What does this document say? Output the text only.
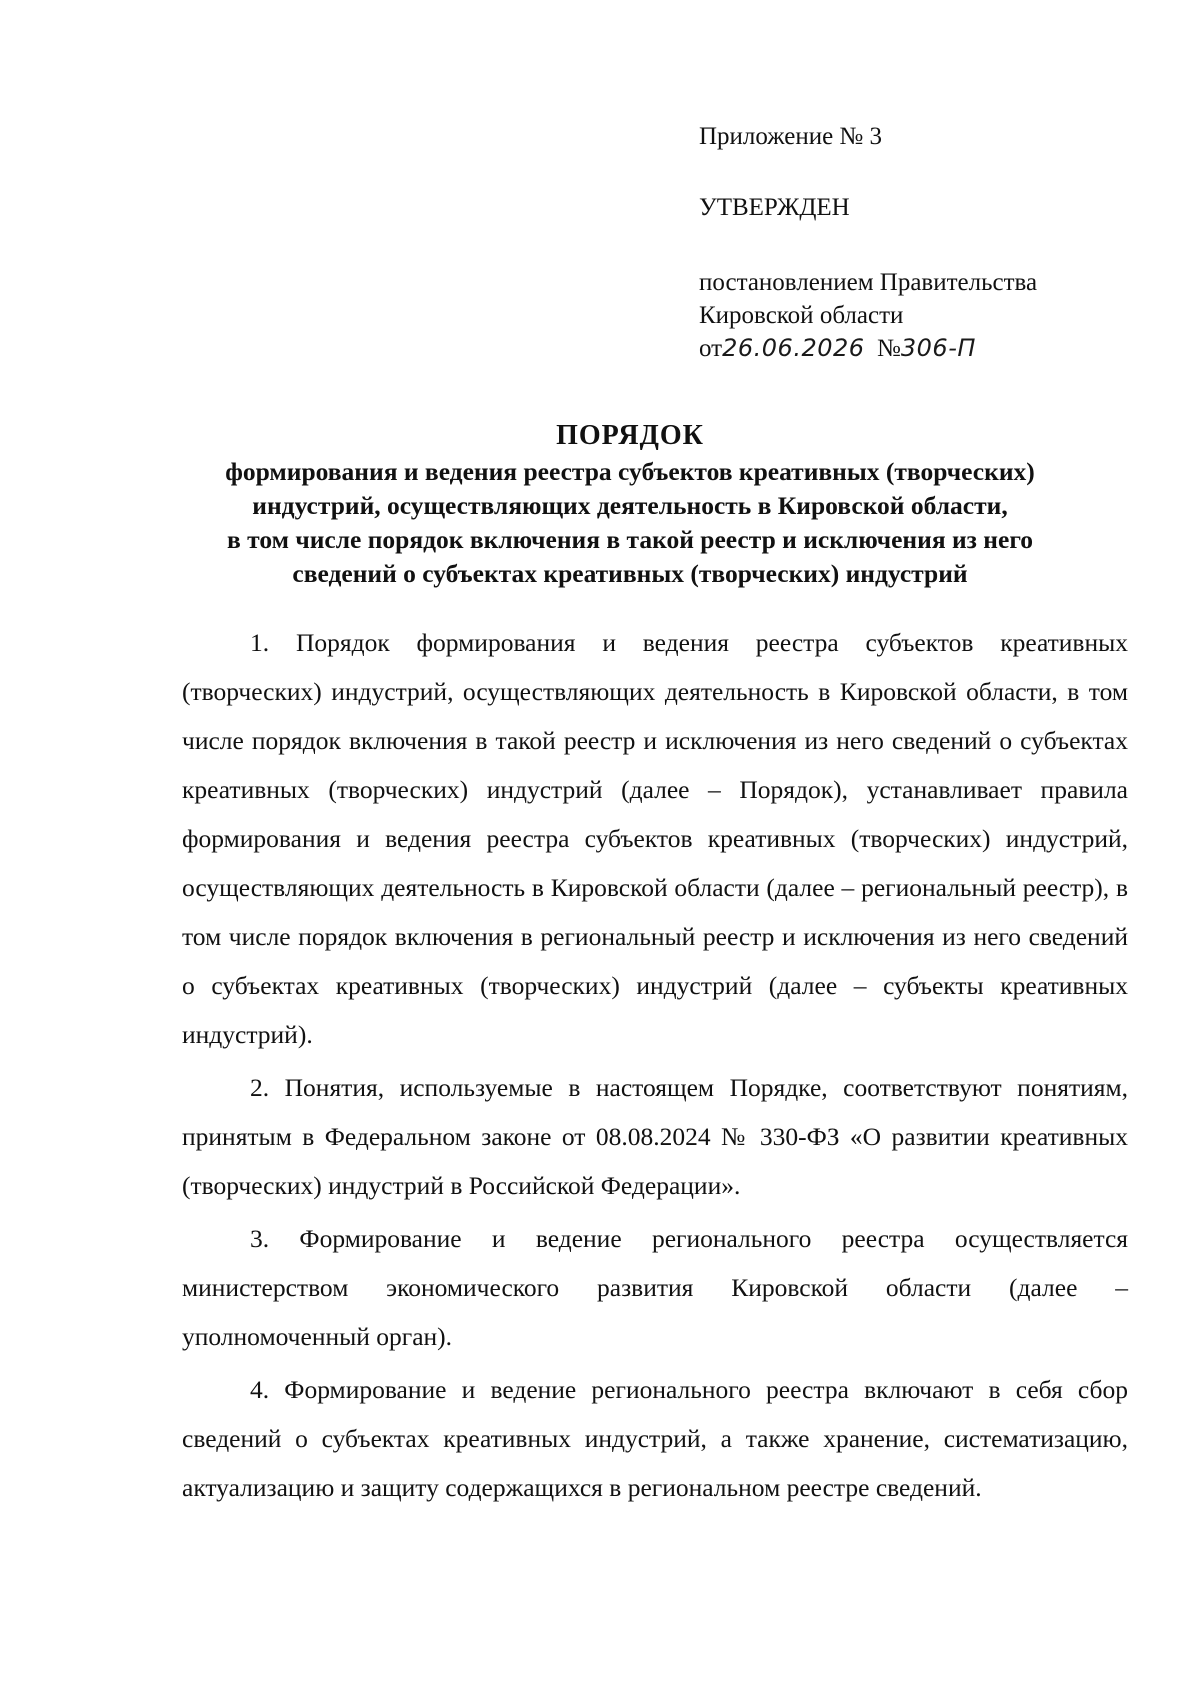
Приложение № 3
УТВЕРЖДЕН
постановлением Правительства
Кировской области
от26.06.2026 №306-П
ПОРЯДОК
формирования и ведения реестра субъектов креативных (творческих)
индустрий, осуществляющих деятельность в Кировской области,
в том числе порядок включения в такой реестр и исключения из него
сведений о субъектах креативных (творческих) индустрий

1. Порядок формирования и ведения реестра субъектов креативных (творческих) индустрий, осуществляющих деятельность в Кировской области, в том числе порядок включения в такой реестр и исключения из него сведений о субъектах креативных (творческих) индустрий (далее – Порядок), устанавливает правила формирования и ведения реестра субъектов креативных (творческих) индустрий, осуществляющих деятельность в Кировской области (далее – региональный реестр), в том числе порядок включения в региональный реестр и исключения из него сведений о субъектах креативных (творческих) индустрий (далее – субъекты креативных индустрий).

2. Понятия, используемые в настоящем Порядке, соответствуют понятиям, принятым в Федеральном законе от 08.08.2024 № 330-ФЗ «О развитии креативных (творческих) индустрий в Российской Федерации».

3. Формирование и ведение регионального реестра осуществляется министерством экономического развития Кировской области (далее – уполномоченный орган).

4. Формирование и ведение регионального реестра включают в себя сбор сведений о субъектах креативных индустрий, а также хранение, систематизацию, актуализацию и защиту содержащихся в региональном реестре сведений.
